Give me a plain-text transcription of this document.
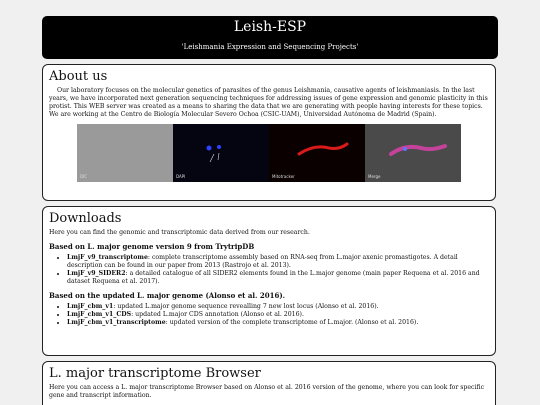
Leish-ESP
'Leishmania Expression and Sequencing Projects'
About us

Our laboratory focuses on the molecular genetics of parasites of the genus Leishmania, causative agents of leishmaniasis. In the last years, we have incorporated next generation sequencing techniques for addressing issues of gene expression and genomic plasticity in this protist. This WEB server was created as a means to sharing the data that we are generating with people having interests for these topics. We are working at the Centro de Biología Molecular Severo Ochoa (CSIC-UAM), Universidad Autónoma de Madrid (Spain).

DIC	DAPI	Mitotracker	Merge
Downloads

Here you can find the genomic and transcriptomic data derived from our research.

Based on L. major genome version 9 from TrytripDB
• LmjF_v9_transcriptome: complete transcriptome assembly based on RNA-seq from L.major axenic promastigotes. A detail description can be found in our paper from 2013 (Rastrojo et al. 2013).
• LmjF_v9_SIDER2: a detailed catalogue of all SIDER2 elements found in the L.major genome (main paper Requena et al. 2016 and dataset Requena et al. 2017).
Based on the updated L. major genome (Alonso et al. 2016).
• LmjF_cbm_v1: updated L.major genome sequence revealling 7 new lost locus (Alonso et al. 2016).
• LmjF_cbm_v1_CDS: updated L.major CDS annotation (Alonso et al. 2016).
• LmjF_cbm_v1_transcriptome: updated version of the complete transcriptome of L.major. (Alonso et al. 2016).
L. major transcriptome Browser

Here you can access a L. major transcriptome Browser based on Alonso et al. 2016 version of the genome, where you can look for specific gene and transcript information.
